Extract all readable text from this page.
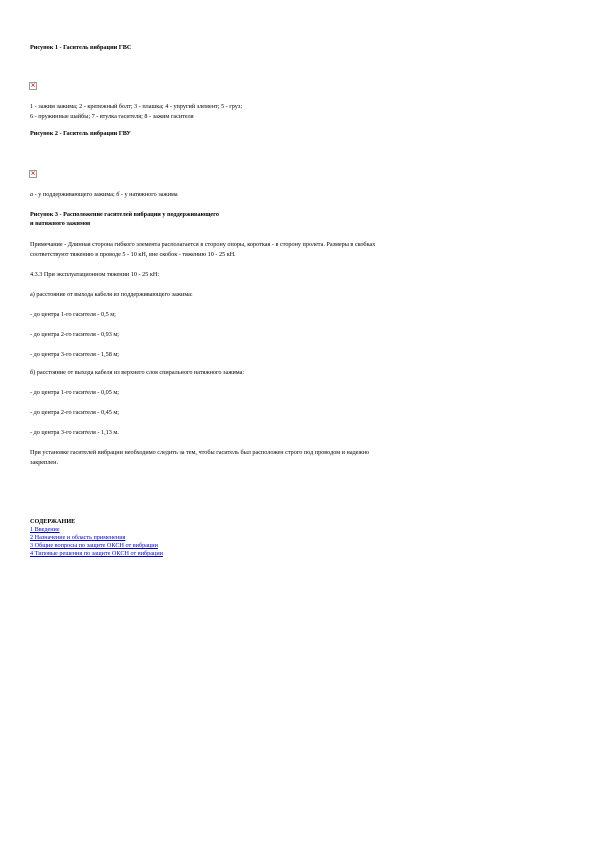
Рисунок 1 - Гаситель вибрации ГВС

×

1 - зажим зажима; 2 - крепежный болт; 3 - плашка; 4 - упругий элемент; 5 - груз;

6 - пружинные шайбы; 7 - втулка гасителя; 8 - зажим гасителя

Рисунок 2 - Гаситель вибрации ГВУ

×

а - у поддерживающего зажима; б - у натяжного зажима

Рисунок 3 - Расположение гасителей вибрации у поддерживающего

и натяжного зажимов

Примечание - Длинная сторона гибкого элемента располагается в сторону опоры, короткая - в сторону пролета. Размеры в скобках

соответствуют тяжению в проводе 5 - 10 кН, вне скобок - тяжению 10 - 25 кН.

4.3.3 При эксплуатационном тяжении 10 - 25 кН:

а) расстояние от выхода кабеля из поддерживающего зажима:

- до центра 1-го гасителя - 0,5 м;

- до центра 2-го гасителя - 0,93 м;

- до центра 3-го гасителя - 1,58 м;

б) расстояние от выхода кабеля из верхнего слоя спирального натяжного зажима:

- до центра 1-го гасителя - 0,05 м;

- до центра 2-го гасителя - 0,45 м;

- до центра 3-го гасителя - 1,13 м.

При установке гасителей вибрации необходимо следить за тем, чтобы гаситель был расположен строго под проводом и надежно

закреплен.

СОДЕРЖАНИЕ

1 Введение
2 Назначение и область применения
3 Общие вопросы по защите ОКСН от вибрации
4 Типовые решения по защите ОКСН от вибрации
